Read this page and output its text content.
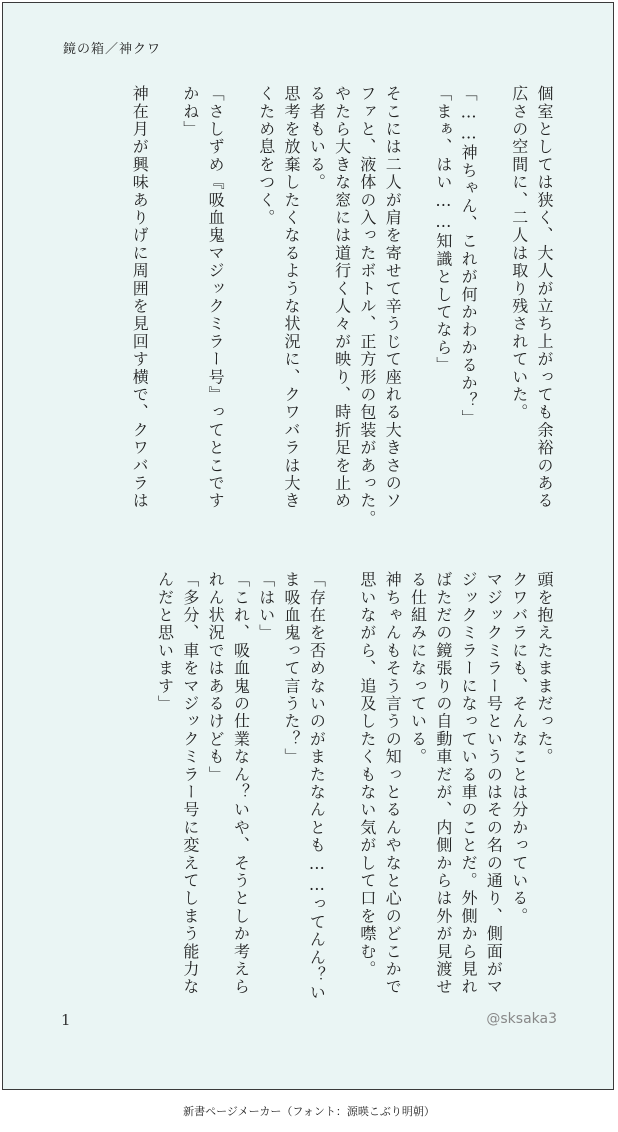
鏡の箱／神クワ
個室としては狭く、大人が立ち上がっても余裕のある
広さの空間に、二人は取り残されていた。
「……神ちゃん、これが何かわかるか？」
「まぁ、はい……知識としてなら」
そこには二人が肩を寄せて辛うじて座れる大きさのソ
ファと、液体の入ったボトル、正方形の包装があった。
やたら大きな窓には道行く人々が映り、時折足を止め
る者もいる。
思考を放棄したくなるような状況に、クワバラは大き
くため息をつく。
「さしずめ『吸血鬼マジックミラー号』ってとこです
かね」
神在月が興味ありげに周囲を見回す横で、クワバラは
頭を抱えたままだった。
クワバラにも、そんなことは分かっている。
マジックミラー号というのはその名の通り、側面がマ
ジックミラーになっている車のことだ。外側から見れ
ばただの鏡張りの自動車だが、内側からは外が見渡せ
る仕組みになっている。
神ちゃんもそう言うの知っとるんやなと心のどこかで
思いながら、追及したくもない気がして口を噤む。
「存在を否めないのがまたなんとも……ってんん？い
ま吸血鬼って言うた？」
「はい」
「これ、吸血鬼の仕業なん？いや、そうとしか考えら
れん状況ではあるけども」
「多分、車をマジックミラー号に変えてしまう能力な
んだと思います」
1	@sksaka3
新書ページメーカー（フォント：源暎こぶり明朝）
